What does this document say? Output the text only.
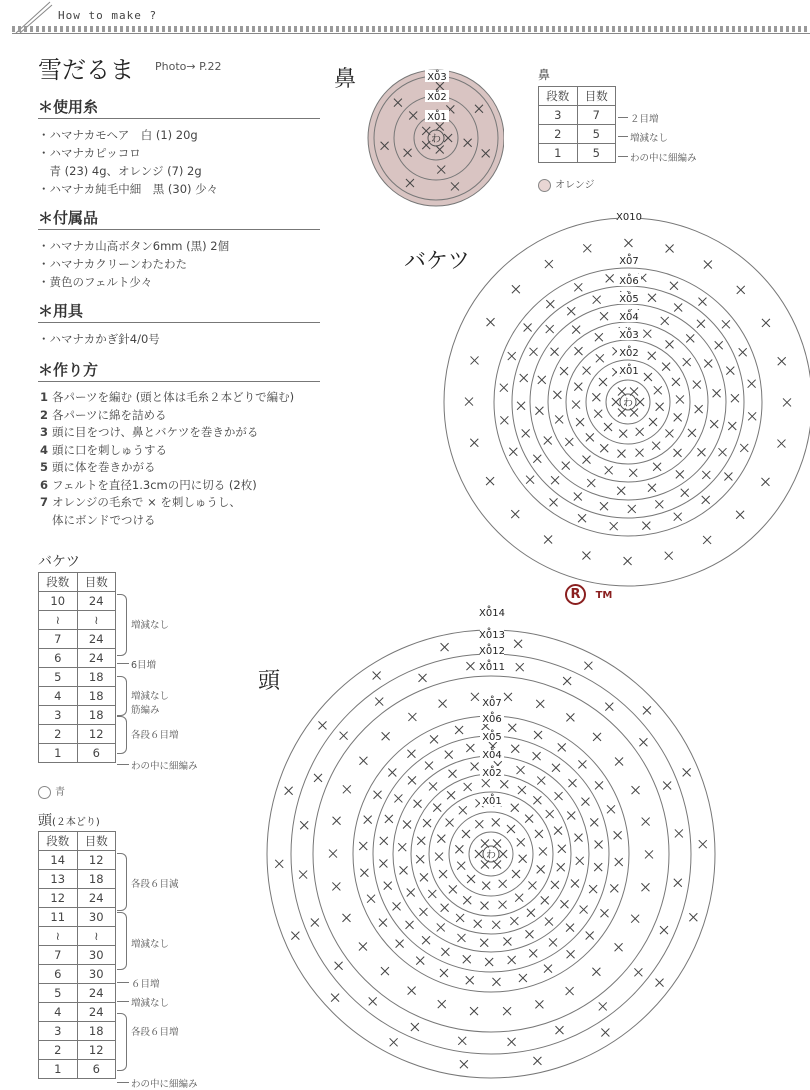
How to make ?
雪だるま Photo→ P.22
＊使用糸
・ハマナカモヘア　白 (1) 20g
・ハマナカピッコロ
　青 (23) 4g、オレンジ (7) 2g
・ハマナカ純毛中細　黒 (30) 少々
＊付属品
・ハマナカ山高ボタン6mm (黒) 2個
・ハマナカクリーンわたわた
・黄色のフェルト少々
＊用具
・ハマナカかぎ針4/0号
＊作り方
1 各パーツを編む (頭と体は毛糸２本どりで編む)
2 各パーツに綿を詰める
3 頭に目をつけ、鼻とバケツを巻きかがる
4 頭に口を刺しゅうする
5 頭に体を巻きかがる
6 フェルトを直径1.3cmの円に切る (2枚)
7 オレンジの毛糸で × を刺しゅうし、
体にボンドでつける
バケツ
段数	目数
10	24
≀	≀
7	24
6	24
5	18
4	18
3	18
2	12
1	6
増減なし
6目増
増減なし
筋編み
各段６目増
わの中に細編み
青
頭(２本どり)
段数	目数
14	12
13	18
12	24
11	30
≀	≀
7	30
6	30
5	24
4	24
3	18
2	12
1	6
各段６目減
増減なし
６目増
増減なし
各段６目増
わの中に細編み
鼻
わ
X0̊3
X0̊2
X0̊1
鼻
段数	目数
3	7
2	5
1	5
２目増
増減なし
わの中に細編み
オレンジ
バケツ
わ
X0̊10
X0̊7
X0̊6
X0̊5
X0̊4
X0̊3
X0̊2
X0̊1
R TM
頭
わ
X0̊14
X0̊13
X0̊12
X0̊11
X0̊7
X0̊6
X0̊5
X0̊4
X0̊2
X0̊1
